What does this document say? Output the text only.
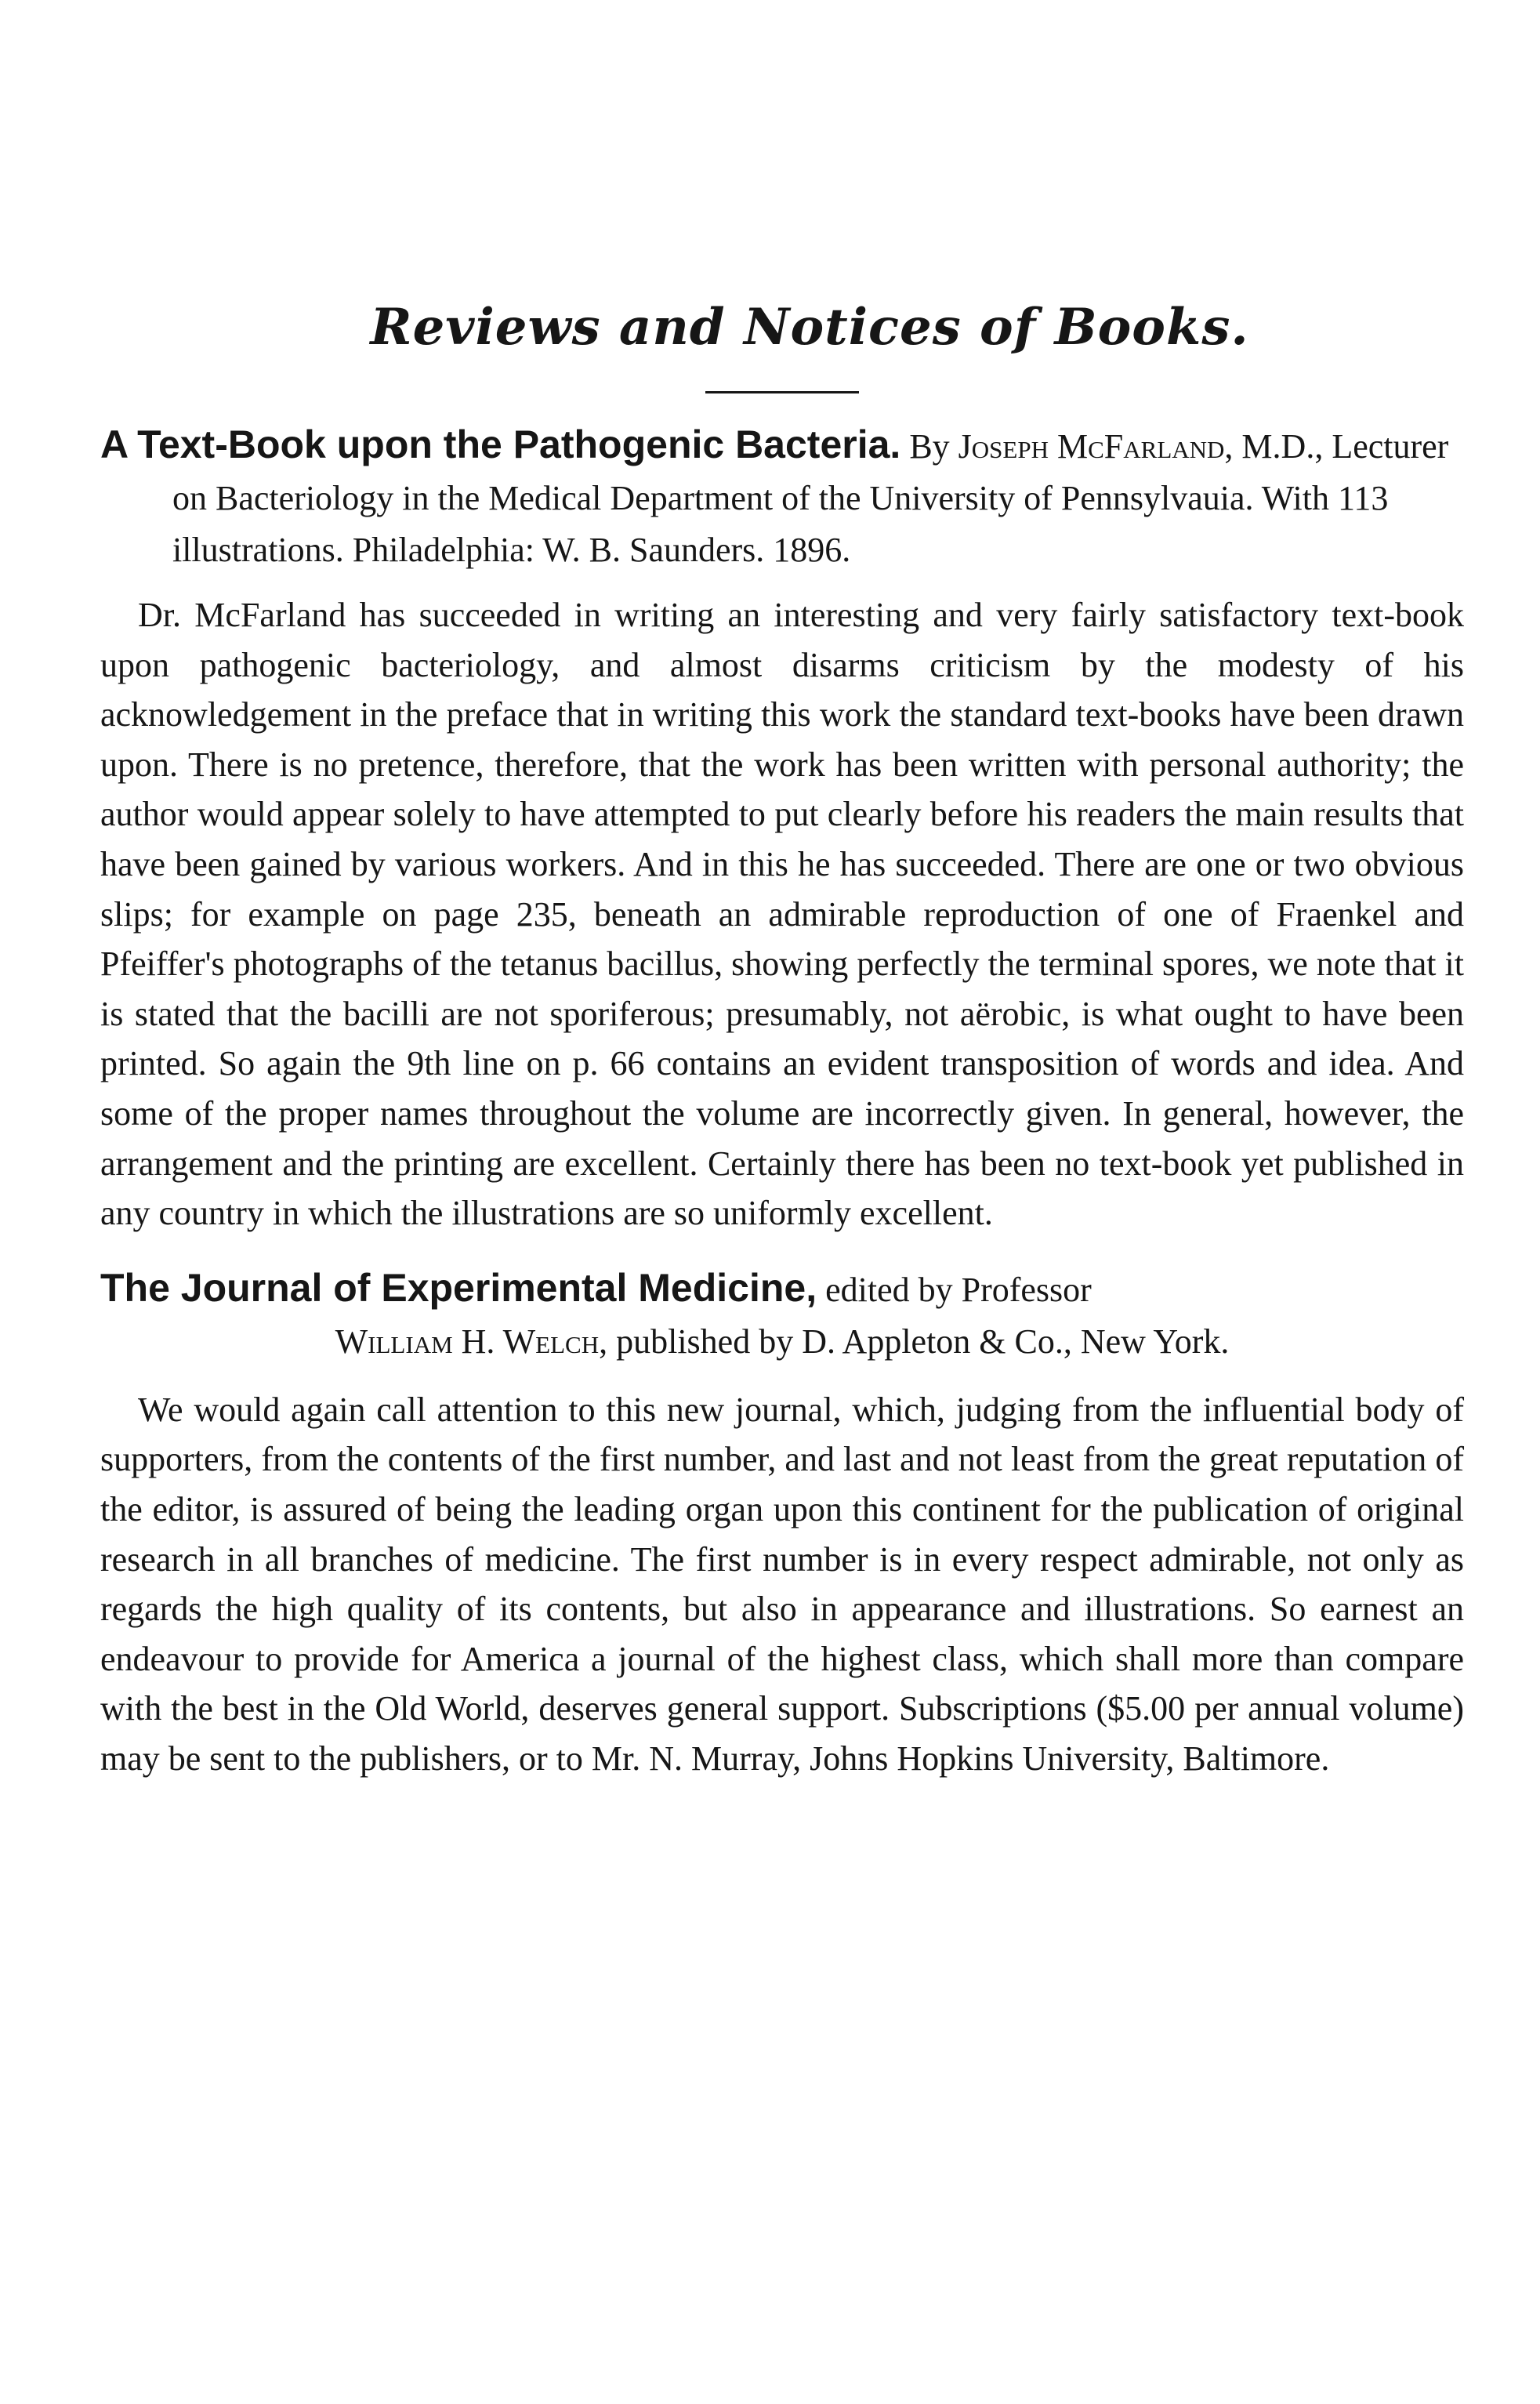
Reviews and Notices of Books.

A Text-Book upon the Pathogenic Bacteria. By Joseph McFarland, M.D., Lecturer on Bacteriology in the Medical Department of the University of Pennsylvauia. With 113 illustrations. Philadelphia: W. B. Saunders. 1896.

Dr. McFarland has succeeded in writing an interesting and very fairly satisfactory text-book upon pathogenic bacteriology, and almost disarms criticism by the modesty of his acknowledgement in the preface that in writing this work the standard text-books have been drawn upon. There is no pretence, therefore, that the work has been written with personal authority; the author would appear solely to have attempted to put clearly before his readers the main results that have been gained by various workers. And in this he has succeeded. There are one or two obvious slips; for example on page 235, beneath an admirable reproduction of one of Fraenkel and Pfeiffer's photographs of the tetanus bacillus, showing perfectly the terminal spores, we note that it is stated that the bacilli are not sporiferous; presumably, not aërobic, is what ought to have been printed. So again the 9th line on p. 66 contains an evident transposition of words and idea. And some of the proper names throughout the volume are incorrectly given. In general, however, the arrangement and the printing are excellent. Certainly there has been no text-book yet published in any country in which the illustrations are so uniformly excellent.

The Journal of Experimental Medicine, edited by Professor
William H. Welch, published by D. Appleton & Co., New York.

We would again call attention to this new journal, which, judging from the influential body of supporters, from the contents of the first number, and last and not least from the great reputation of the editor, is assured of being the leading organ upon this continent for the publication of original research in all branches of medicine. The first number is in every respect admirable, not only as regards the high quality of its contents, but also in appearance and illustrations. So earnest an endeavour to provide for America a journal of the highest class, which shall more than compare with the best in the Old World, deserves general support. Subscriptions ($5.00 per annual volume) may be sent to the publishers, or to Mr. N. Murray, Johns Hopkins University, Baltimore.
